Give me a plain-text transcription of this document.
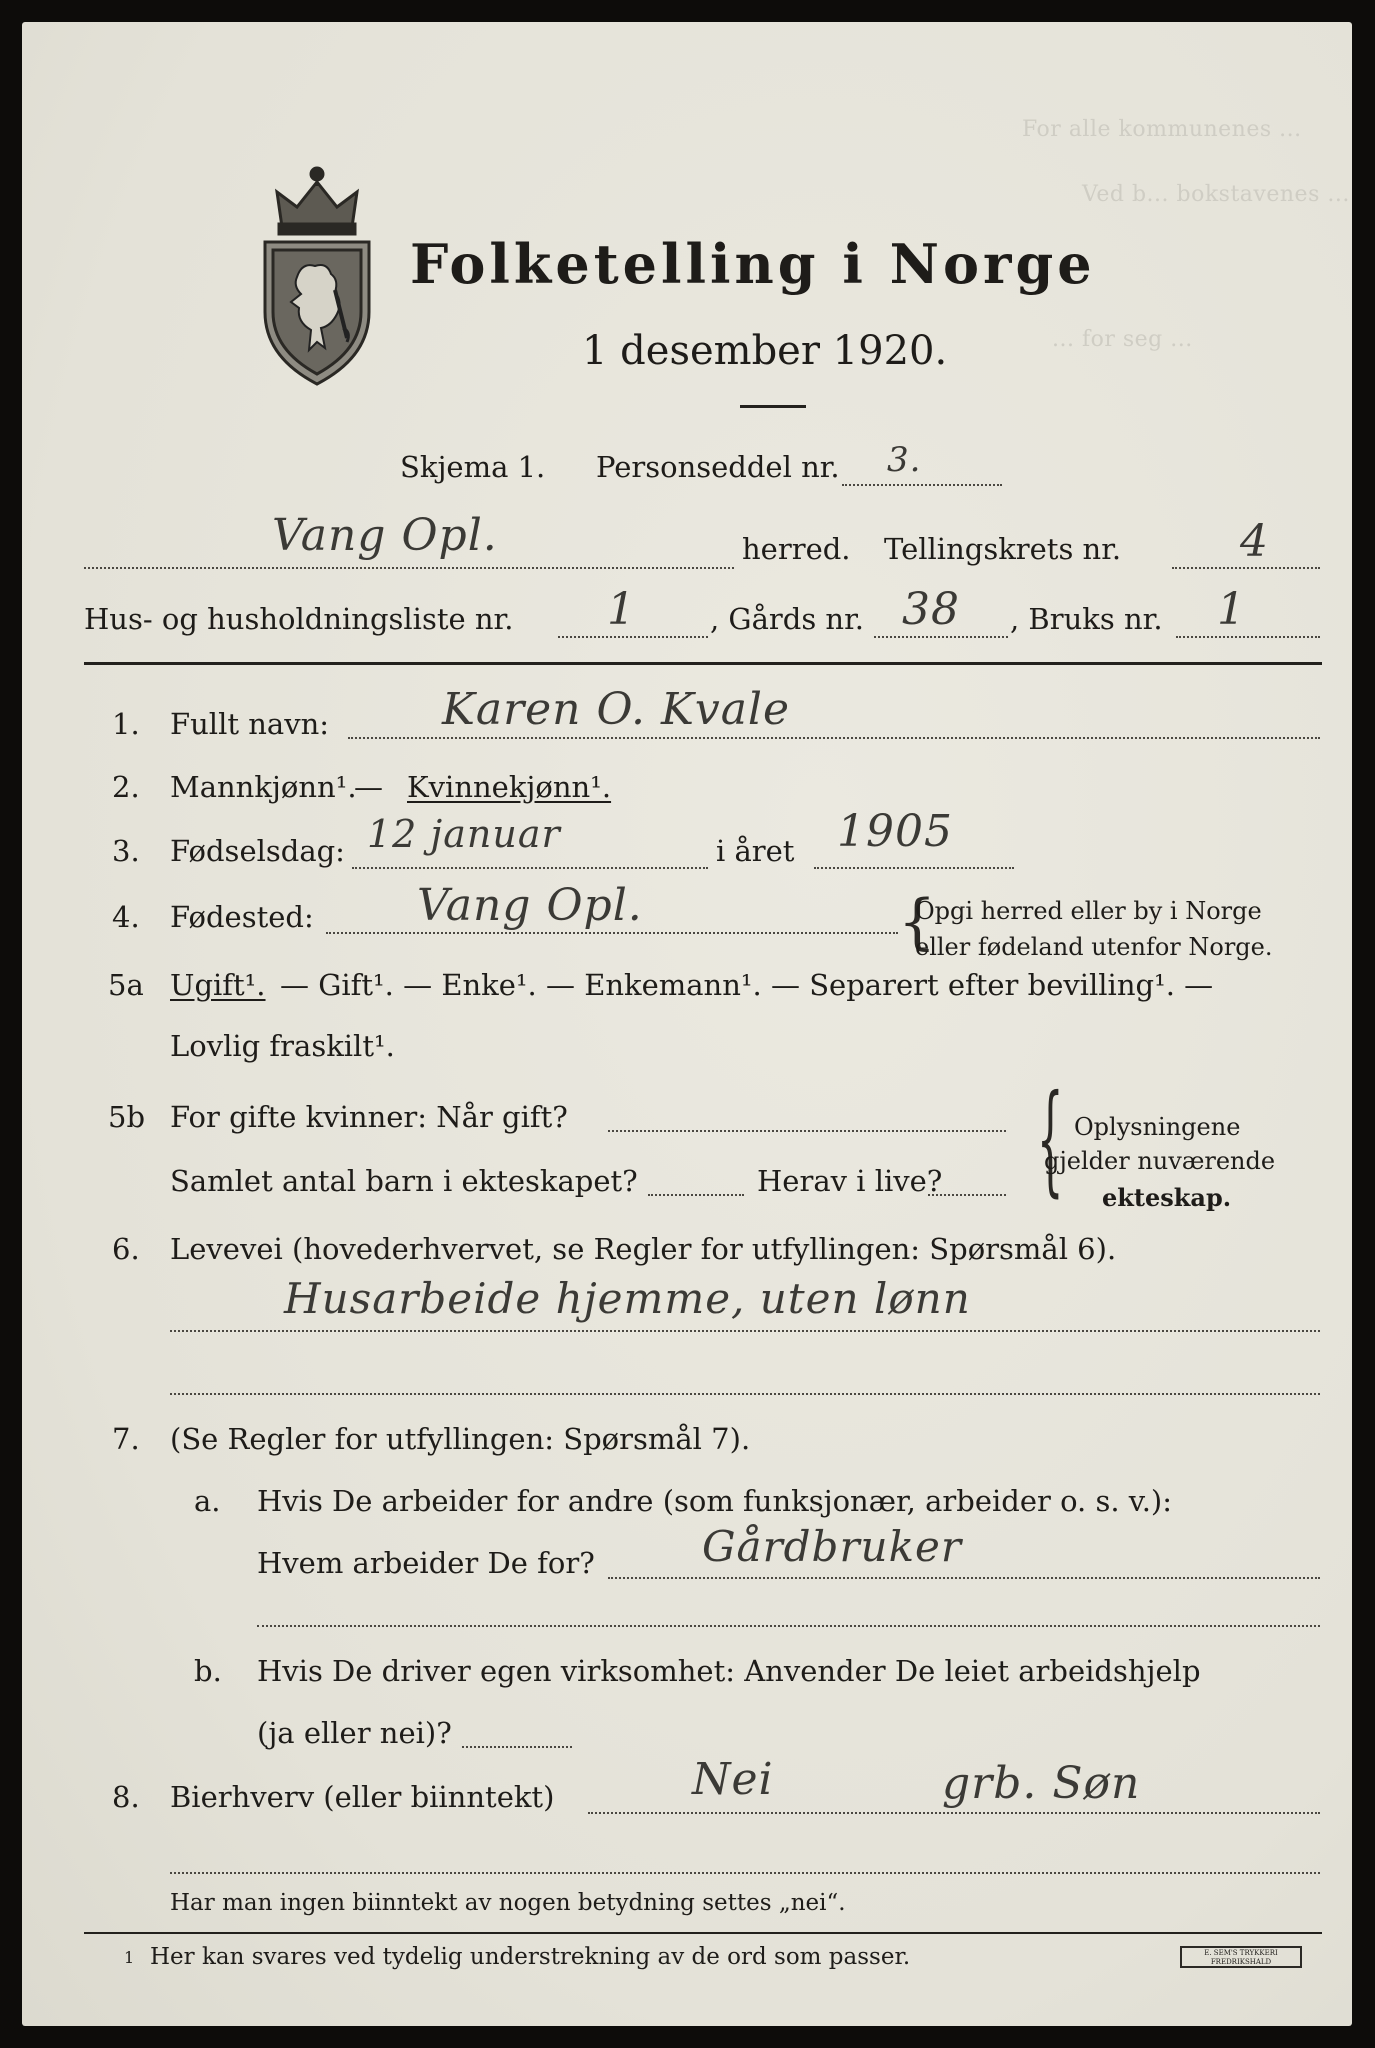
For alle kommunenes ...
Ved b... bokstavenes ...
... for seg ...
Folketelling i Norge
1 desember 1920.
Skjema 1. Personseddel nr. 3.
Vang Opl.	herred. Tellingskrets nr.	4
Hus- og husholdningsliste nr. 1	, Gårds nr. 38 , Bruks nr. 1
1. Fullt navn:	Karen O. Kvale
2. Mannkjønn¹.
— Kvinnekjønn¹.
3. Fødselsdag: 12 januar	i året 1905
4. Fødested: Vang Opl.	{
Opgi herred eller by i Norge
eller fødeland utenfor Norge.
5a Ugift¹. — Gift¹. — Enke¹. — Enkemann¹. — Separert efter bevilling¹. —
Lovlig fraskilt¹.
5b For gifte kvinner: Når gift?
Samlet antal barn i ekteskapet?	Herav i live? { Oplysningene
gjelder nuværende
ekteskap.
6. Levevei (hovederhvervet, se Regler for utfyllingen: Spørsmål 6).
Husarbeide hjemme, uten lønn
7. (Se Regler for utfyllingen: Spørsmål 7).
a. Hvis De arbeider for andre (som funksjonær, arbeider o. s. v.):
Hvem arbeider De for?	Gårdbruker
b. Hvis De driver egen virksomhet: Anvender De leiet arbeidshjelp
(ja eller nei)?
8. Bierhverv (eller biinntekt)	Nei	grb. Søn
Har man ingen biinntekt av nogen betydning settes „nei“.
1 Her kan svares ved tydelig understrekning av de ord som passer.	E. SEM'S TRYKKERI FREDRIKSHALD
